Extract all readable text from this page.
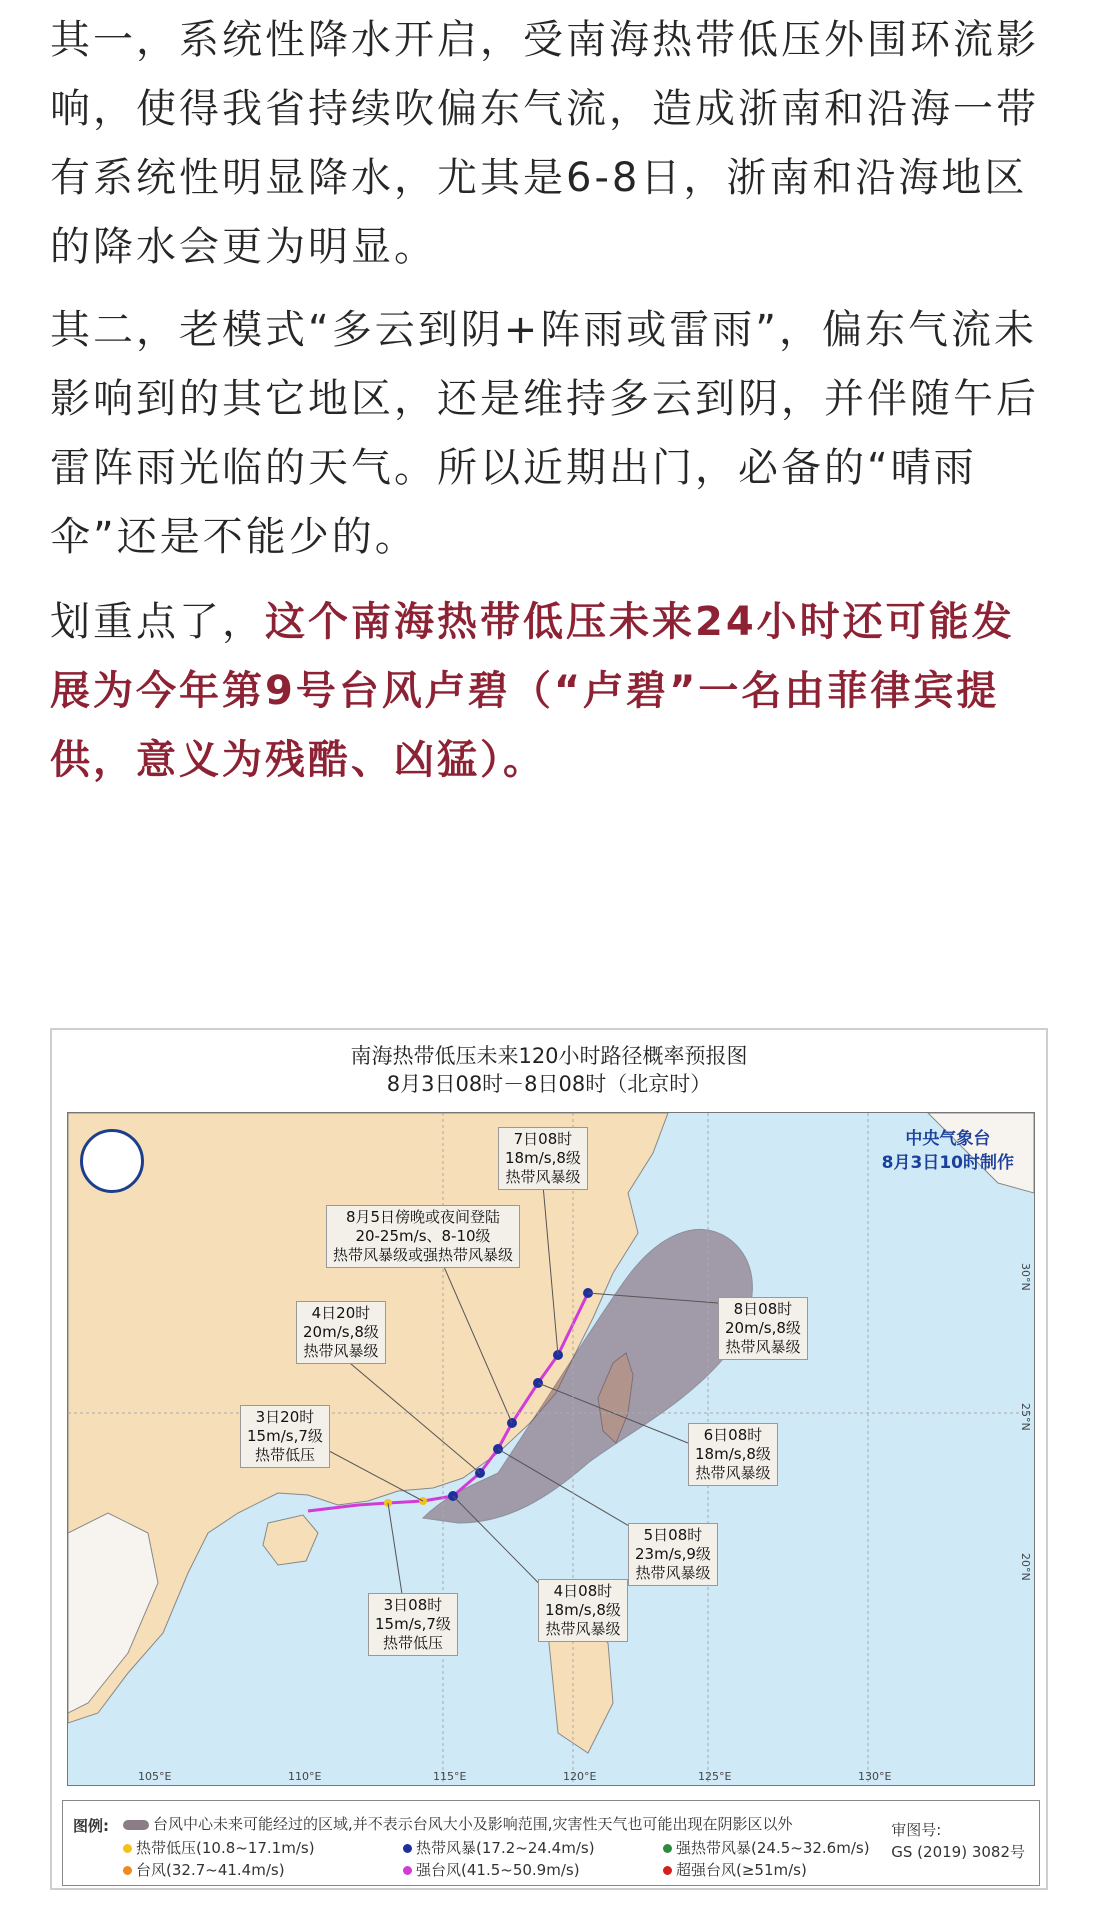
其一，系统性降水开启，受南海热带低压外围环流影

响，使得我省持续吹偏东气流，造成浙南和沿海一带

有系统性明显降水，尤其是6-8日，浙南和沿海地区

的降水会更为明显。

其二，老模式“多云到阴+阵雨或雷雨”，偏东气流未

影响到的其它地区，还是维持多云到阴，并伴随午后

雷阵雨光临的天气。所以近期出门，必备的“晴雨

伞”还是不能少的。

划重点了，这个南海热带低压未来24小时还可能发

展为今年第9号台风卢碧（“卢碧”一名由菲律宾提

供，意义为残酷、凶猛）。

南海热带低压未来120小时路径概率预报图
8月3日08时－8日08时（北京时）
中央气象台
8月3日10时制作
7日08时
18m/s,8级
热带风暴级
8月5日傍晚或夜间登陆
20-25m/s、8-10级
热带风暴级或强热带风暴级
4日20时
20m/s,8级
热带风暴级
8日08时
20m/s,8级
热带风暴级
3日20时
15m/s,7级
热带低压
6日08时
18m/s,8级
热带风暴级
5日08时
23m/s,9级
热带风暴级
4日08时
18m/s,8级
热带风暴级
3日08时
15m/s,7级
热带低压
105°E	110°E	115°E	120°E	125°E	130°E
30°N
25°N
20°N
图例:	台风中心未来可能经过的区域,并不表示台风大小及影响范围,灾害性天气也可能出现在阴影区以外
热带低压(10.8~17.1m/s)	热带风暴(17.2~24.4m/s)	强热带风暴(24.5~32.6m/s)
台风(32.7~41.4m/s)	强台风(41.5~50.9m/s)	超强台风(≥51m/s)
审图号:
GS (2019) 3082号
